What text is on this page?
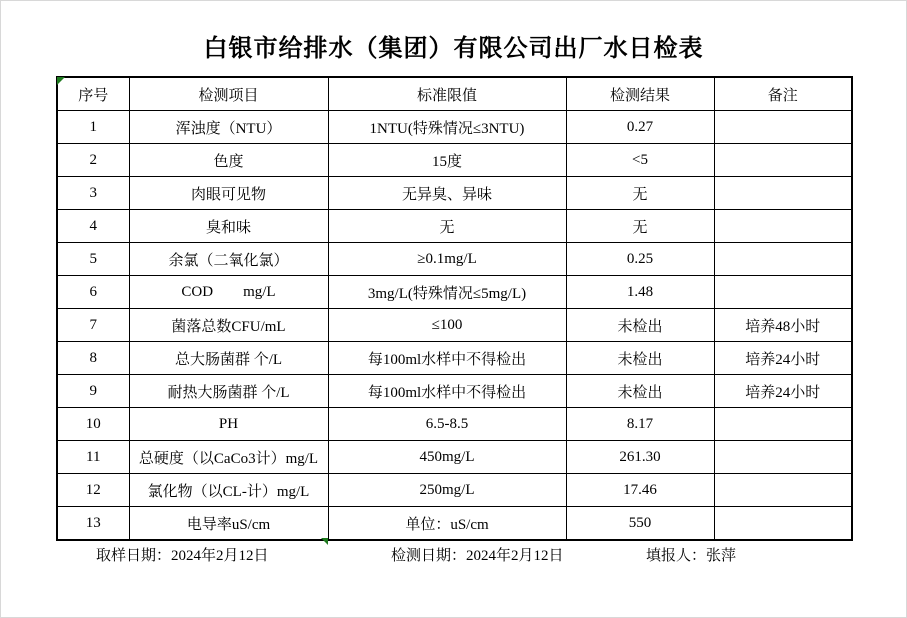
白银市给排水（集团）有限公司出厂水日检表
序号	检测项目	标准限值	检测结果	备注
1	浑浊度（NTU）	1NTU(特殊情况≤3NTU)	0.27	
2	色度	15度	<5	
3	肉眼可见物	无异臭、异味	无	
4	臭和味	无	无	
5	余氯（二氧化氯）	≥0.1mg/L	0.25	
6	COD        mg/L	3mg/L(特殊情况≤5mg/L)	1.48	
7	菌落总数CFU/mL	≤100	未检出	培养48小时
8	总大肠菌群 个/L	每100ml水样中不得检出	未检出	培养24小时
9	耐热大肠菌群 个/L	每100ml水样中不得检出	未检出	培养24小时
10	PH	6.5-8.5	8.17	
11	总硬度（以CaCo3计）mg/L	450mg/L	261.30	
12	氯化物（以CL-计）mg/L	250mg/L	17.46	
13	电导率uS/cm	单位：uS/cm	550	
取样日期：2024年2月12日	检测日期：2024年2月12日	填报人：张萍
